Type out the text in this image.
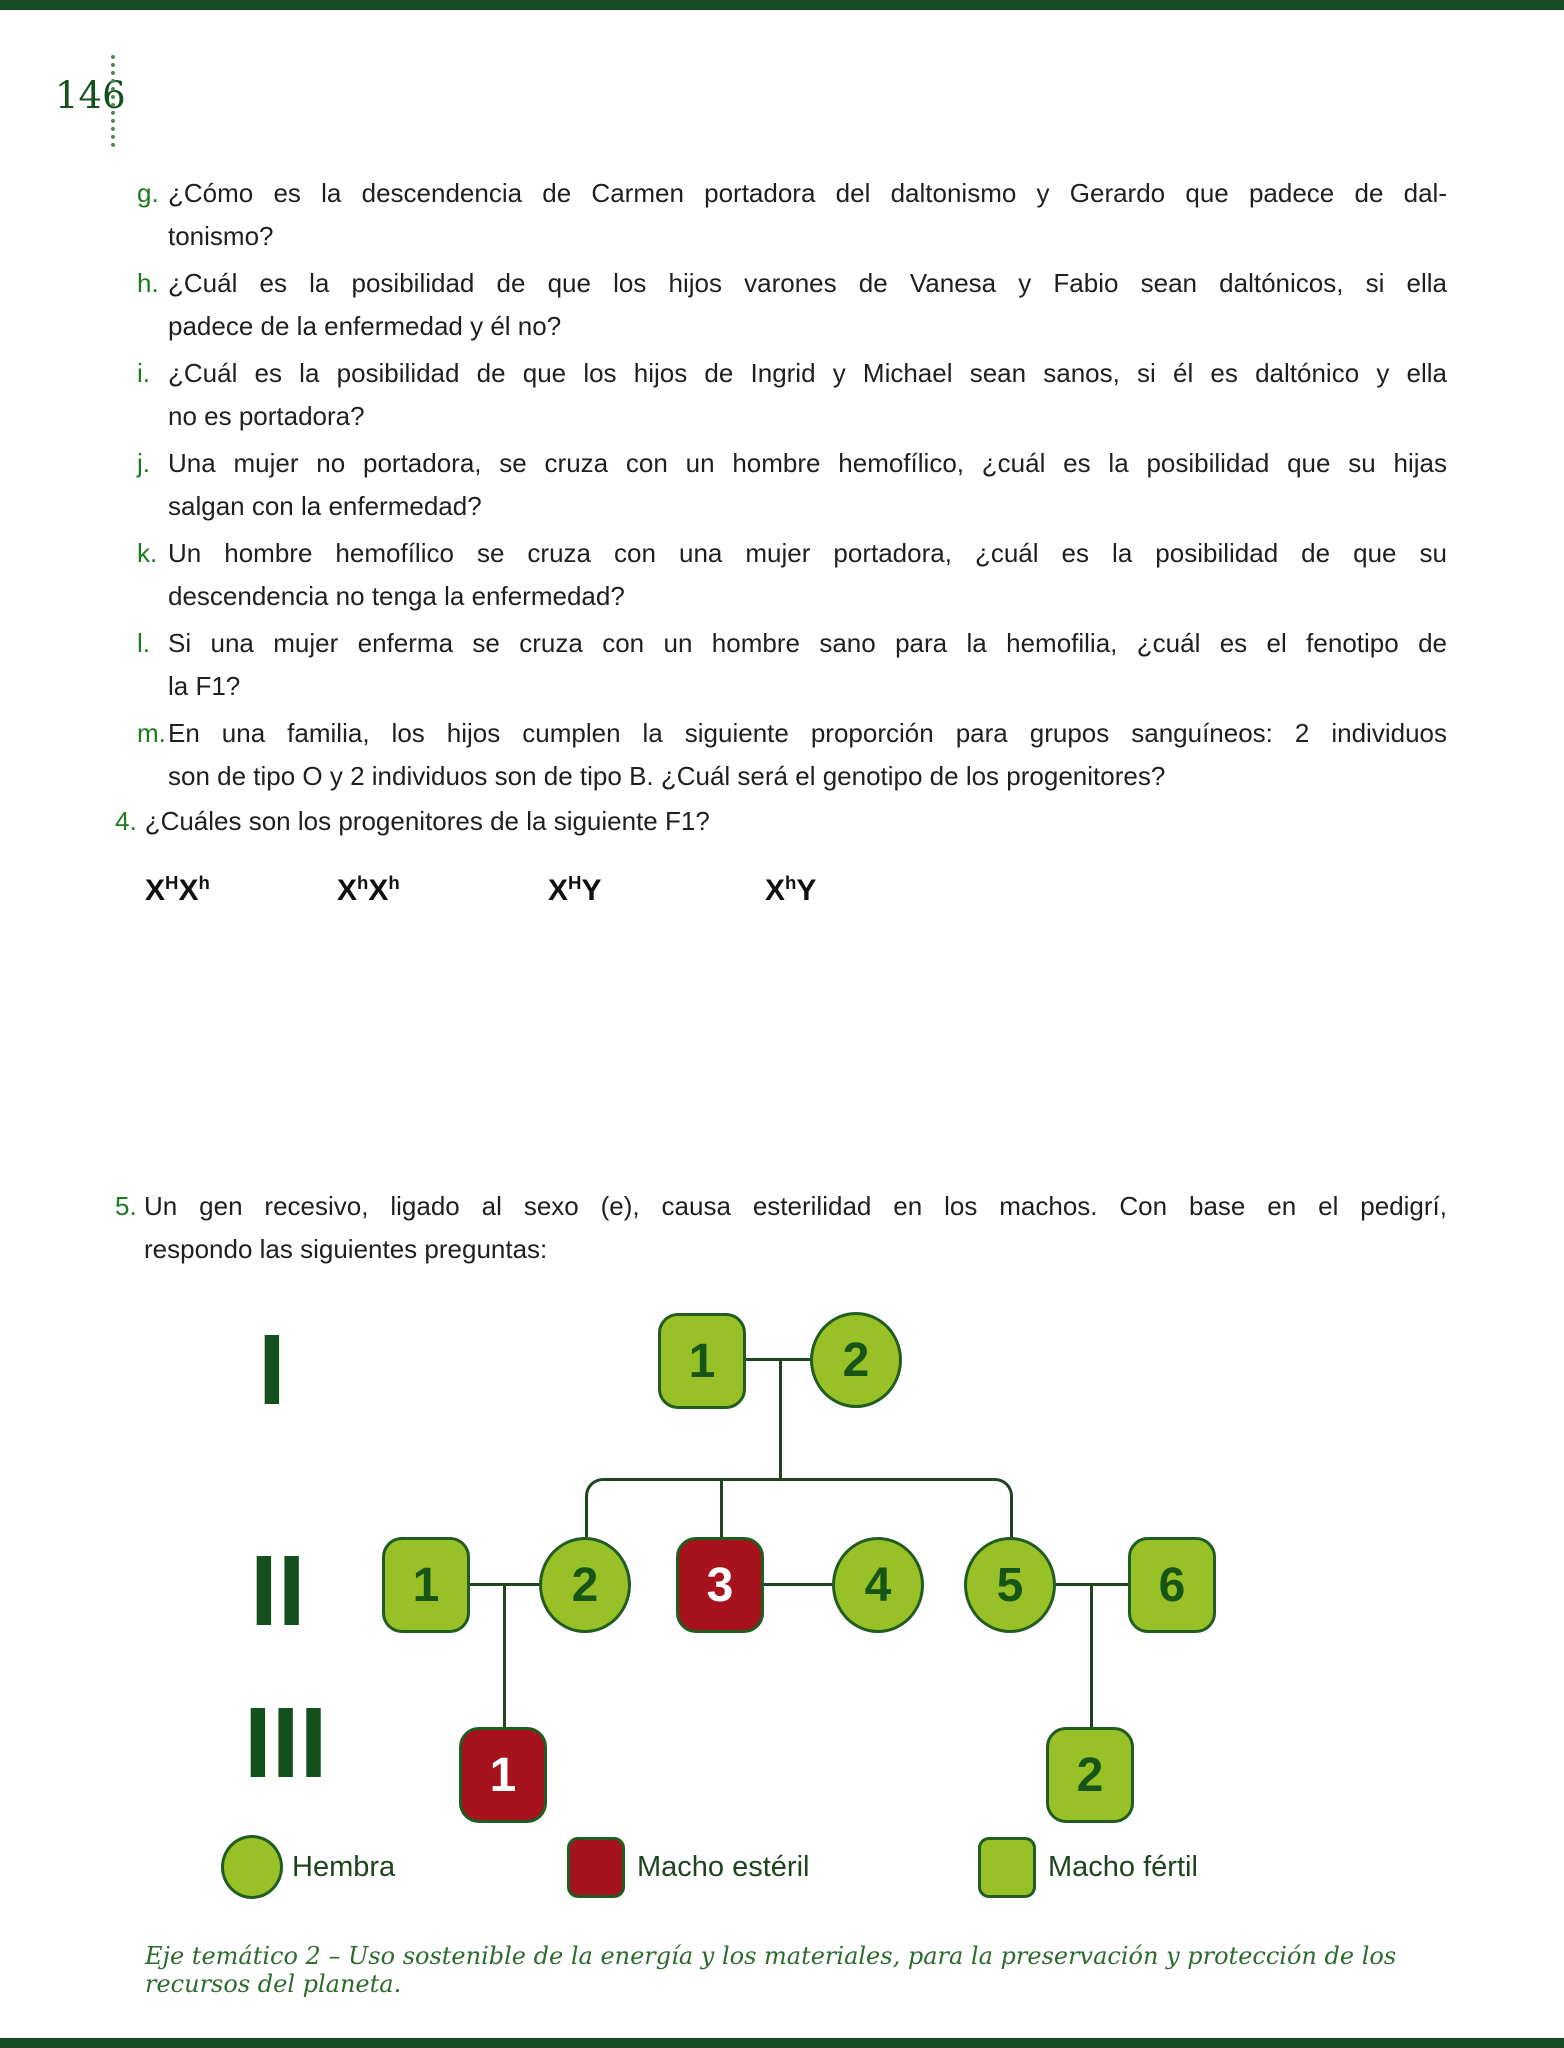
146
g. ¿Cómo es la descendencia de Carmen portadora del daltonismo y Gerardo que padece de dal-
tonismo?
h. ¿Cuál es la posibilidad de que los hijos varones de Vanesa y Fabio sean daltónicos, si ella
padece de la enfermedad y él no?
i. ¿Cuál es la posibilidad de que los hijos de Ingrid y Michael sean sanos, si él es daltónico y ella
no es portadora?
j. Una mujer no portadora, se cruza con un hombre hemofílico, ¿cuál es la posibilidad que su hijas
salgan con la enfermedad?
k. Un hombre hemofílico se cruza con una mujer portadora, ¿cuál es la posibilidad de que su
descendencia no tenga la enfermedad?
l. Si una mujer enferma se cruza con un hombre sano para la hemofilia, ¿cuál es el fenotipo de
la F1?
m. En una familia, los hijos cumplen la siguiente proporción para grupos sanguíneos: 2 individuos
son de tipo O y 2 individuos son de tipo B. ¿Cuál será el genotipo de los progenitores?
4. ¿Cuáles son los progenitores de la siguiente F1?
$X^HX^h$	$X^hX^h$	$X^HY$	$X^hY$
5. Un gen recesivo, ligado al sexo (e), causa esterilidad en los machos. Con base en el pedigrí,
respondo las siguientes preguntas:
I
II
III
1	2
1	2	3	4	5	6
1	2
Hembra	Macho estéril	Macho fértil
Eje temático 2 – Uso sostenible de la energía y los materiales, para la preservación y protección de los recursos del planeta.
